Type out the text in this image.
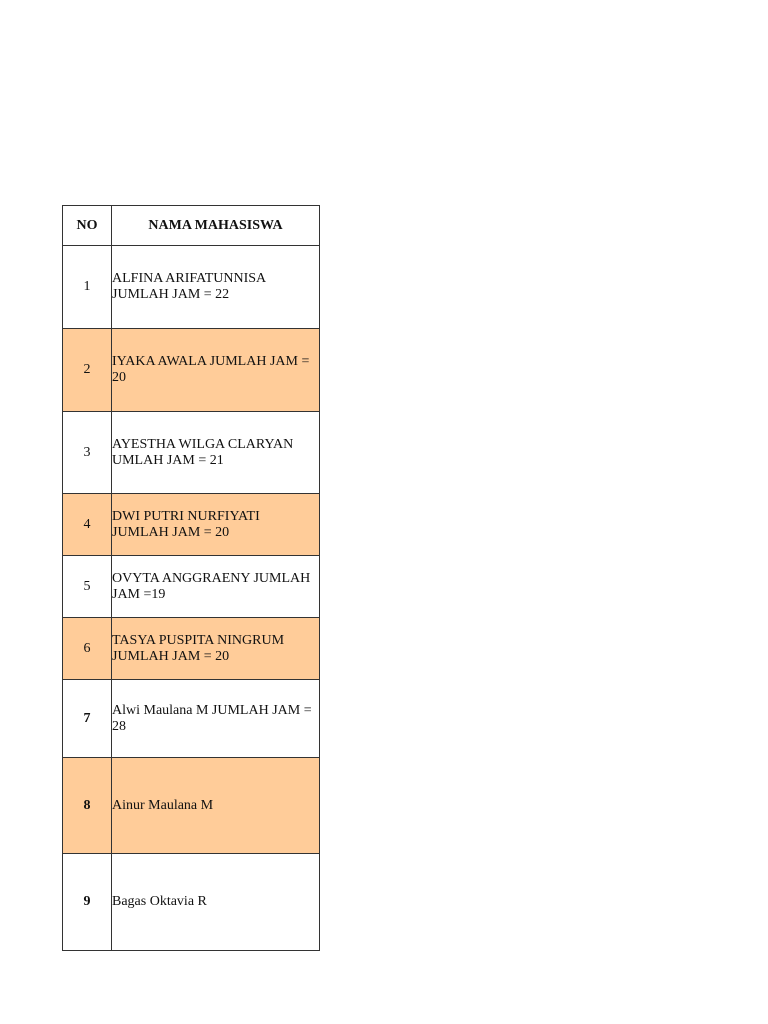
NO	NAMA MAHASISWA
1	ALFINA ARIFATUNNISA JUMLAH JAM = 22
2	IYAKA AWALA JUMLAH JAM = 20
3	AYESTHA WILGA CLARYAN UMLAH JAM = 21
4	DWI PUTRI NURFIYATI JUMLAH JAM = 20
5	OVYTA ANGGRAENY JUMLAH JAM =19
6	TASYA PUSPITA NINGRUM JUMLAH JAM = 20
7	Alwi Maulana M JUMLAH JAM = 28
8	Ainur Maulana M
9	Bagas Oktavia R
